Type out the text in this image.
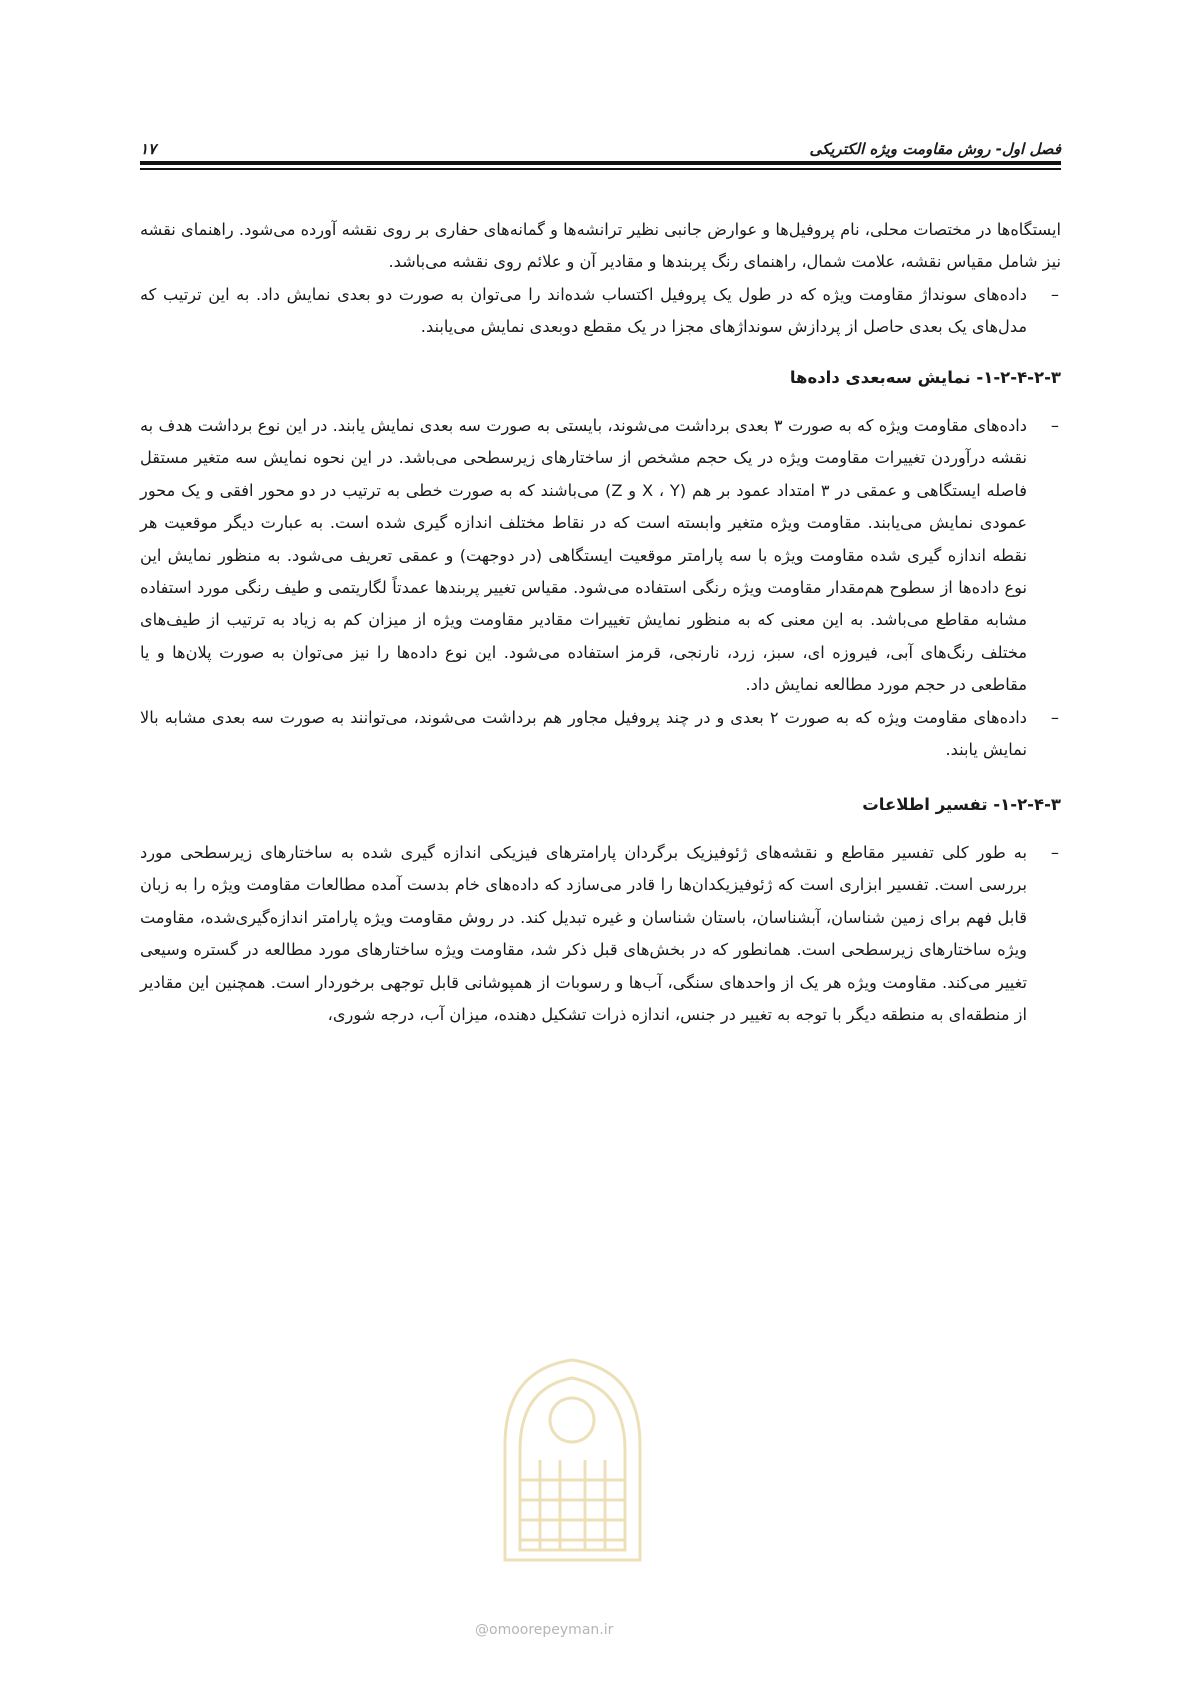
فصل اول- روش مقاومت ویژه الکتریکی
۱۷

ایستگاه‌ها در مختصات محلی، نام پروفیل‌ها و عوارض جانبی نظیر ترانشه‌ها و گمانه‌های حفاری بر روی نقشه آورده می‌شود. راهنمای نقشه نیز شامل مقیاس نقشه، علامت شمال، راهنمای رنگ پربندها و مقادیر آن و علائم روی نقشه می‌باشد.

–
داده‌های سونداژ مقاومت ویژه که در طول یک پروفیل اکتساب شده‌اند را می‌توان به صورت دو بعدی نمایش داد. به این ترتیب که مدل‌های یک بعدی حاصل از پردازش سونداژهای مجزا در یک مقطع دوبعدی نمایش می‌یابند.
۱-۲-۴-۲-۳- نمایش سه‌بعدی داده‌ها
–
داده‌های مقاومت ویژه که به صورت ۳ بعدی برداشت می‌شوند، بایستی به صورت سه بعدی نمایش یابند. در این نوع برداشت هدف به نقشه درآوردن تغییرات مقاومت ویژه در یک حجم مشخص از ساختارهای زیرسطحی می‌باشد. در این نحوه نمایش سه متغیر مستقل فاصله ایستگاهی و عمقی در ۳ امتداد عمود بر هم (X ، Y و Z) می‌باشند که به صورت خطی به ترتیب در دو محور افقی و یک محور عمودی نمایش می‌یابند. مقاومت ویژه متغیر وابسته است که در نقاط مختلف اندازه گیری شده است. به عبارت دیگر موقعیت هر نقطه اندازه گیری شده مقاومت ویژه با سه پارامتر موقعیت ایستگاهی (در دوجهت) و عمقی تعریف می‌شود. به منظور نمایش این نوع داده‌ها از سطوح هم‌مقدار مقاومت ویژه رنگی استفاده می‌شود. مقیاس تغییر پربندها عمدتاً لگاریتمی و طیف رنگی مورد استفاده مشابه مقاطع می‌باشد. به این معنی که به منظور نمایش تغییرات مقادیر مقاومت ویژه از میزان کم به زیاد به ترتیب از طیف‌های مختلف رنگ‌های آبی، فیروزه ای، سبز، زرد، نارنجی، قرمز استفاده می‌شود. این نوع داده‌ها را نیز می‌توان به صورت پلان‌ها و یا مقاطعی در حجم مورد مطالعه نمایش داد.
–
داده‌های مقاومت ویژه که به صورت ۲ بعدی و در چند پروفیل مجاور هم برداشت می‌شوند، می‌توانند به صورت سه بعدی مشابه بالا نمایش یابند.
۱-۲-۴-۳- تفسیر اطلاعات
–
به طور کلی تفسیر مقاطع و نقشه‌های ژئوفیزیک برگردان پارامترهای فیزیکی اندازه گیری شده به ساختارهای زیرسطحی مورد بررسی است. تفسیر ابزاری است که ژئوفیزیکدان‌ها را قادر می‌سازد که داده‌های خام بدست آمده مطالعات مقاومت ویژه را به زبان قابل فهم برای زمین شناسان، آبشناسان، باستان شناسان و غیره تبدیل کند. در روش مقاومت ویژه پارامتر اندازه‌گیری‌شده، مقاومت ویژه ساختارهای زیرسطحی است. همانطور که در بخش‌های قبل ذکر شد، مقاومت ویژه ساختارهای مورد مطالعه در گستره وسیعی تغییر می‌کند. مقاومت ویژه هر یک از واحدهای سنگی، آب‌ها و رسوبات از همپوشانی قابل توجهی برخوردار است. همچنین این مقادیر از منطقه‌ای به منطقه دیگر با توجه به تغییر در جنس، اندازه ذرات تشکیل دهنده، میزان آب، درجه شوری،
@omoorepeyman.ir
